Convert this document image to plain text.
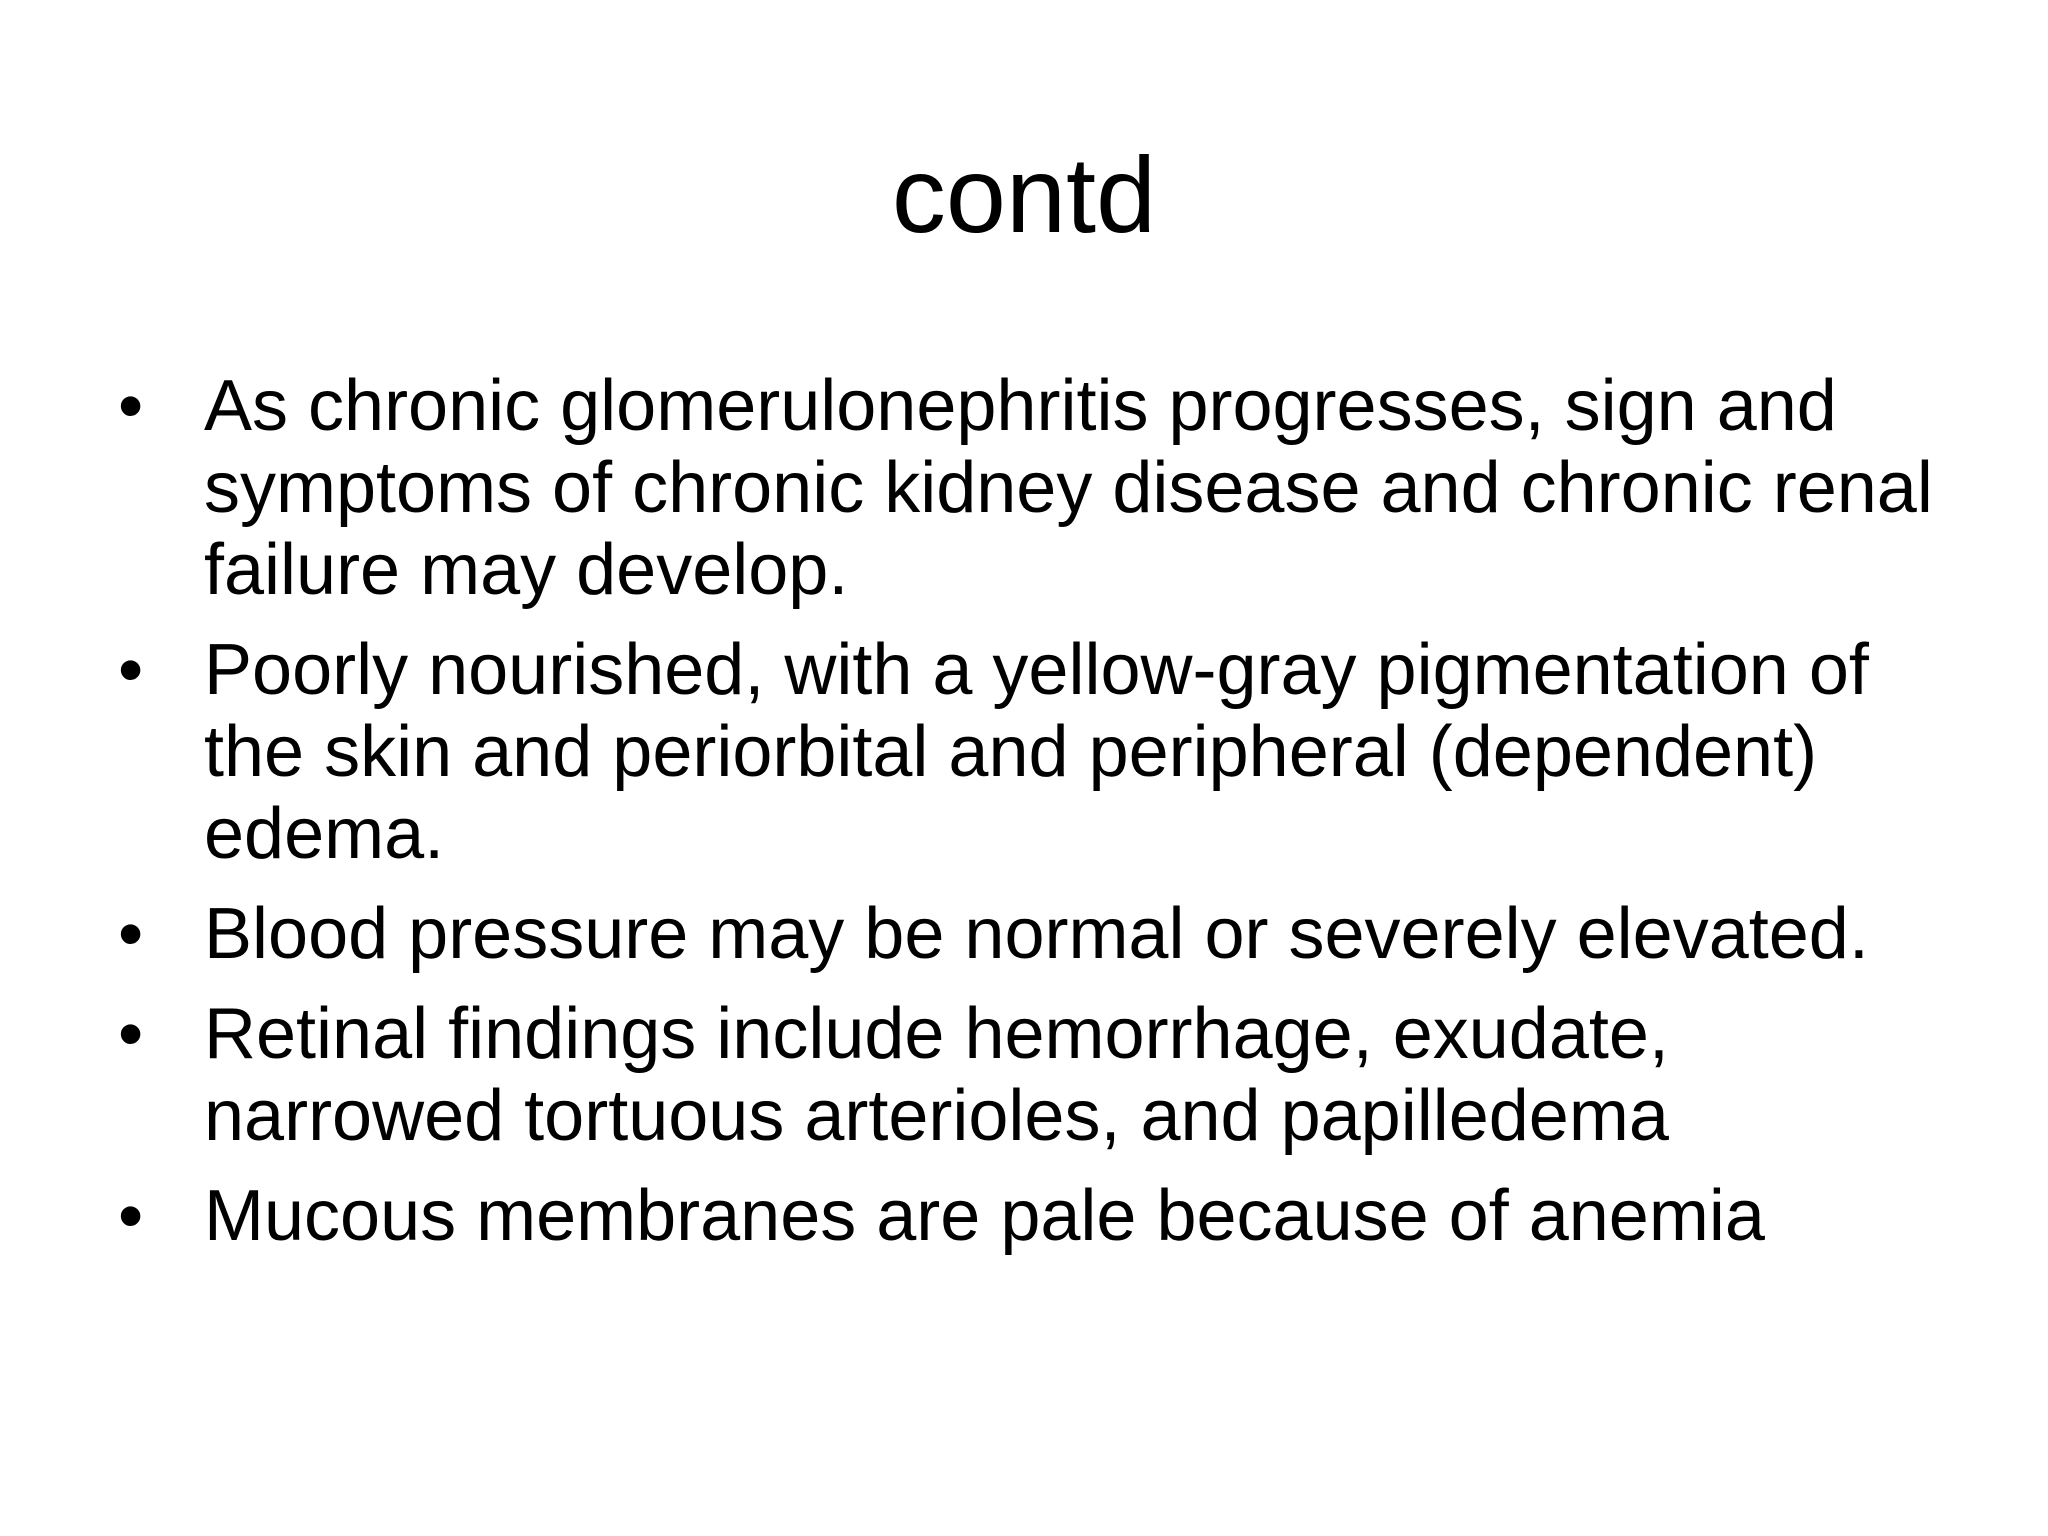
contd
• As chronic glomerulonephritis progresses, sign and symptoms of chronic kidney disease and chronic renal failure may develop.
• Poorly nourished, with a yellow-gray pigmentation of the skin and periorbital and peripheral (dependent) edema.
• Blood pressure may be normal or severely elevated.
• Retinal findings include hemorrhage, exudate, narrowed tortuous arterioles, and papilledema
• Mucous membranes are pale because of anemia
